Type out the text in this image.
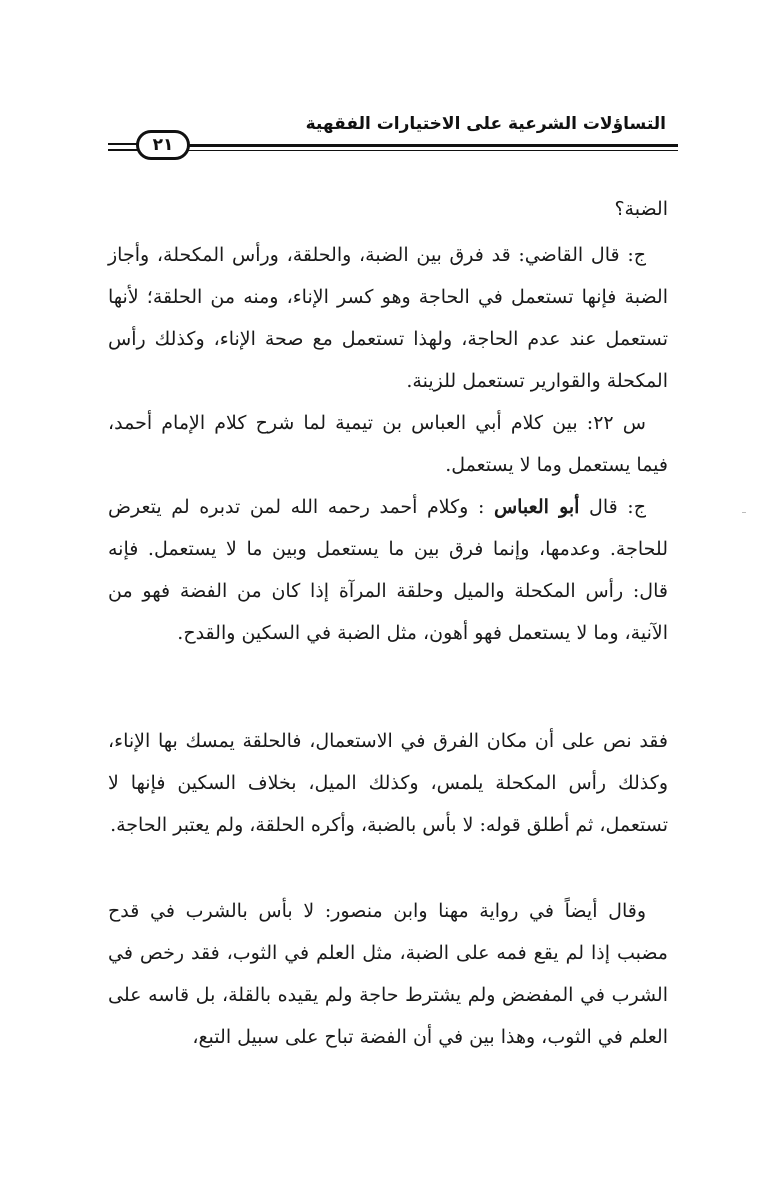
٢١
التساؤلات الشرعية على الاختيارات الفقهية
الضبة؟
ج: قال القاضي: قد فرق بين الضبة، والحلقة، ورأس المكحلة، وأجاز الضبة فإنها تستعمل في الحاجة وهو كسر الإناء، ومنه من الحلقة؛ لأنها تستعمل عند عدم الحاجة، ولهذا تستعمل مع صحة الإناء، وكذلك رأس المكحلة والقوارير تستعمل للزينة.
س ٢٢: بين كلام أبي العباس بن تيمية لما شرح كلام الإمام أحمد، فيما يستعمل وما لا يستعمل.
ج: قال أبو العباس : وكلام أحمد رحمه الله لمن تدبره لم يتعرض للحاجة. وعدمها، وإنما فرق بين ما يستعمل وبين ما لا يستعمل. فإنه قال: رأس المكحلة والميل وحلقة المرآة إذا كان من الفضة فهو من الآنية، وما لا يستعمل فهو أهون، مثل الضبة في السكين والقدح.
فقد نص على أن مكان الفرق في الاستعمال، فالحلقة يمسك بها الإناء، وكذلك رأس المكحلة يلمس، وكذلك الميل، بخلاف السكين فإنها لا تستعمل، ثم أطلق قوله: لا بأس بالضبة، وأكره الحلقة، ولم يعتبر الحاجة.
وقال أيضاً في رواية مهنا وابن منصور: لا بأس بالشرب في قدح مضبب إذا لم يقع فمه على الضبة، مثل العلم في الثوب، فقد رخص في الشرب في المفضض ولم يشترط حاجة ولم يقيده بالقلة، بل قاسه على العلم في الثوب، وهذا بين في أن الفضة تباح على سبيل التبع،
